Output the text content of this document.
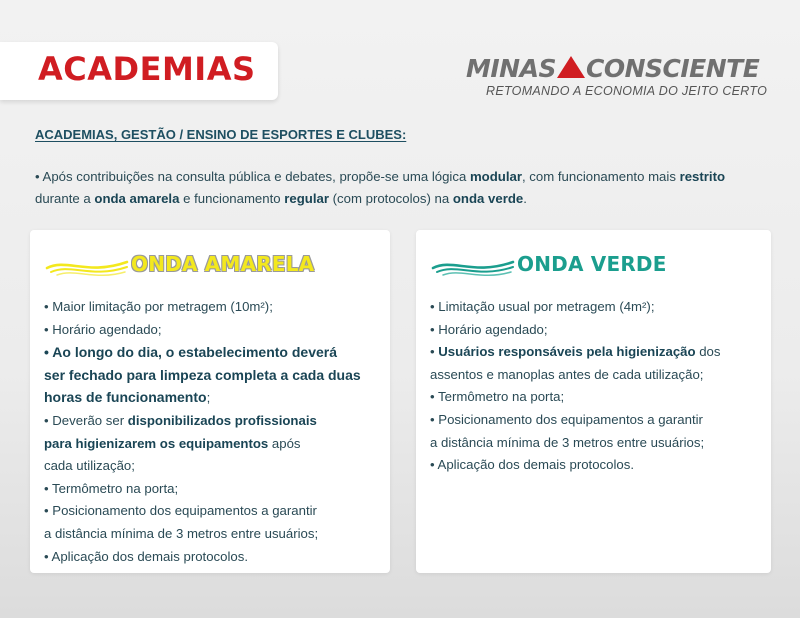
ACADEMIAS	MINAS CONSCIENTE
RETOMANDO A ECONOMIA DO JEITO CERTO
ACADEMIAS, GESTÃO / ENSINO DE ESPORTES E CLUBES:
• Após contribuições na consulta pública e debates, propõe-se uma lógica modular, com funcionamento mais restrito durante a onda amarela e funcionamento regular (com protocolos) na onda verde.
ONDA AMARELA
• Maior limitação por metragem (10m²);
• Horário agendado;
• Ao longo do dia, o estabelecimento deverá
ser fechado para limpeza completa a cada duas
horas de funcionamento;
• Deverão ser disponibilizados profissionais
para higienizarem os equipamentos após
cada utilização;
• Termômetro na porta;
• Posicionamento dos equipamentos a garantir
a distância mínima de 3 metros entre usuários;
• Aplicação dos demais protocolos.
ONDA VERDE
• Limitação usual por metragem (4m²);
• Horário agendado;
• Usuários responsáveis pela higienização dos
assentos e manoplas antes de cada utilização;
• Termômetro na porta;
• Posicionamento dos equipamentos a garantir
a distância mínima de 3 metros entre usuários;
• Aplicação dos demais protocolos.
